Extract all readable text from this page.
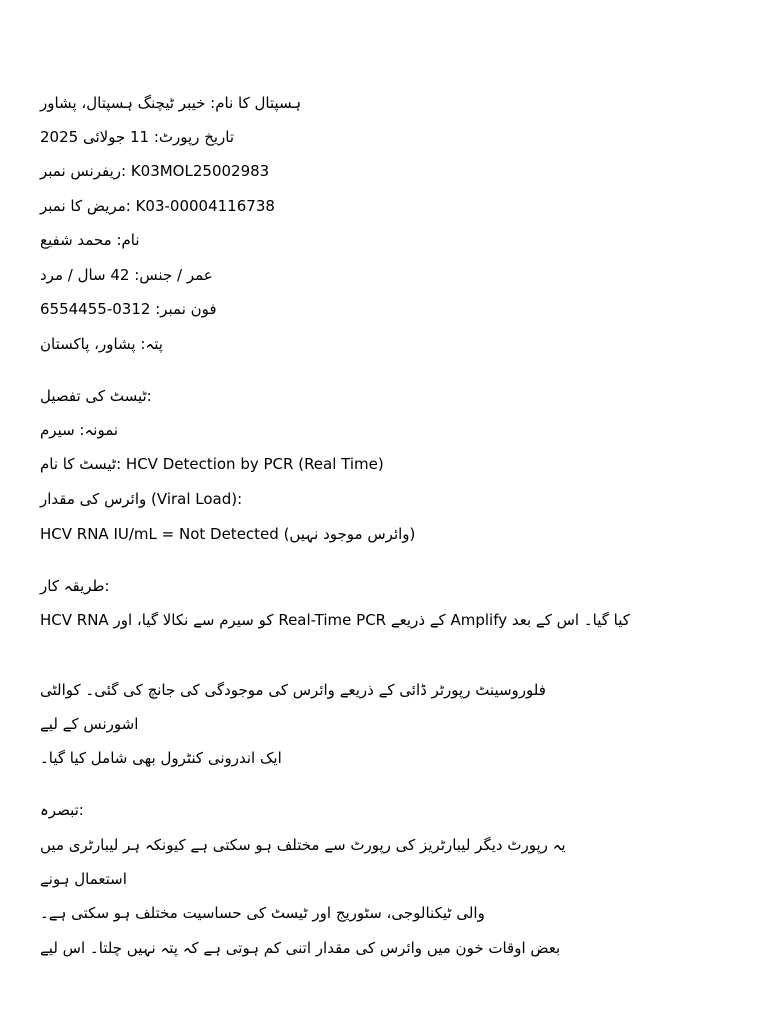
ہسپتال کا نام: خیبر ٹیچنگ ہسپتال، پشاور
تاریخ رپورٹ: 11 جولائی 2025
ریفرنس نمبر: K03MOL25002983
مریض کا نمبر: K03-00004116738
نام: محمد شفیع
عمر / جنس: 42 سال / مرد
فون نمبر: 0312-6554455
پتہ: پشاور، پاکستان
ٹیسٹ کی تفصیل:
نمونہ: سیرم
ٹیسٹ کا نام: HCV Detection by PCR (Real Time)
وائرس کی مقدار (Viral Load):
HCV RNA IU/mL = Not Detected (وائرس موجود نہیں)
طریقہ کار:
HCV RNA کو سیرم سے نکالا گیا، اور Real-Time PCR کے ذریعے Amplify کیا گیا۔ اس کے بعد
فلوروسینٹ رپورٹر ڈائی کے ذریعے وائرس کی موجودگی کی جانچ کی گئی۔ کوالٹی
اشورنس کے لیے
ایک اندرونی کنٹرول بھی شامل کیا گیا۔
تبصرہ:
یہ رپورٹ دیگر لیبارٹریز کی رپورٹ سے مختلف ہو سکتی ہے کیونکہ ہر لیبارٹری میں
استعمال ہونے
والی ٹیکنالوجی، سٹوریج اور ٹیسٹ کی حساسیت مختلف ہو سکتی ہے۔
بعض اوقات خون میں وائرس کی مقدار اتنی کم ہوتی ہے کہ پتہ نہیں چلتا۔ اس لیے
